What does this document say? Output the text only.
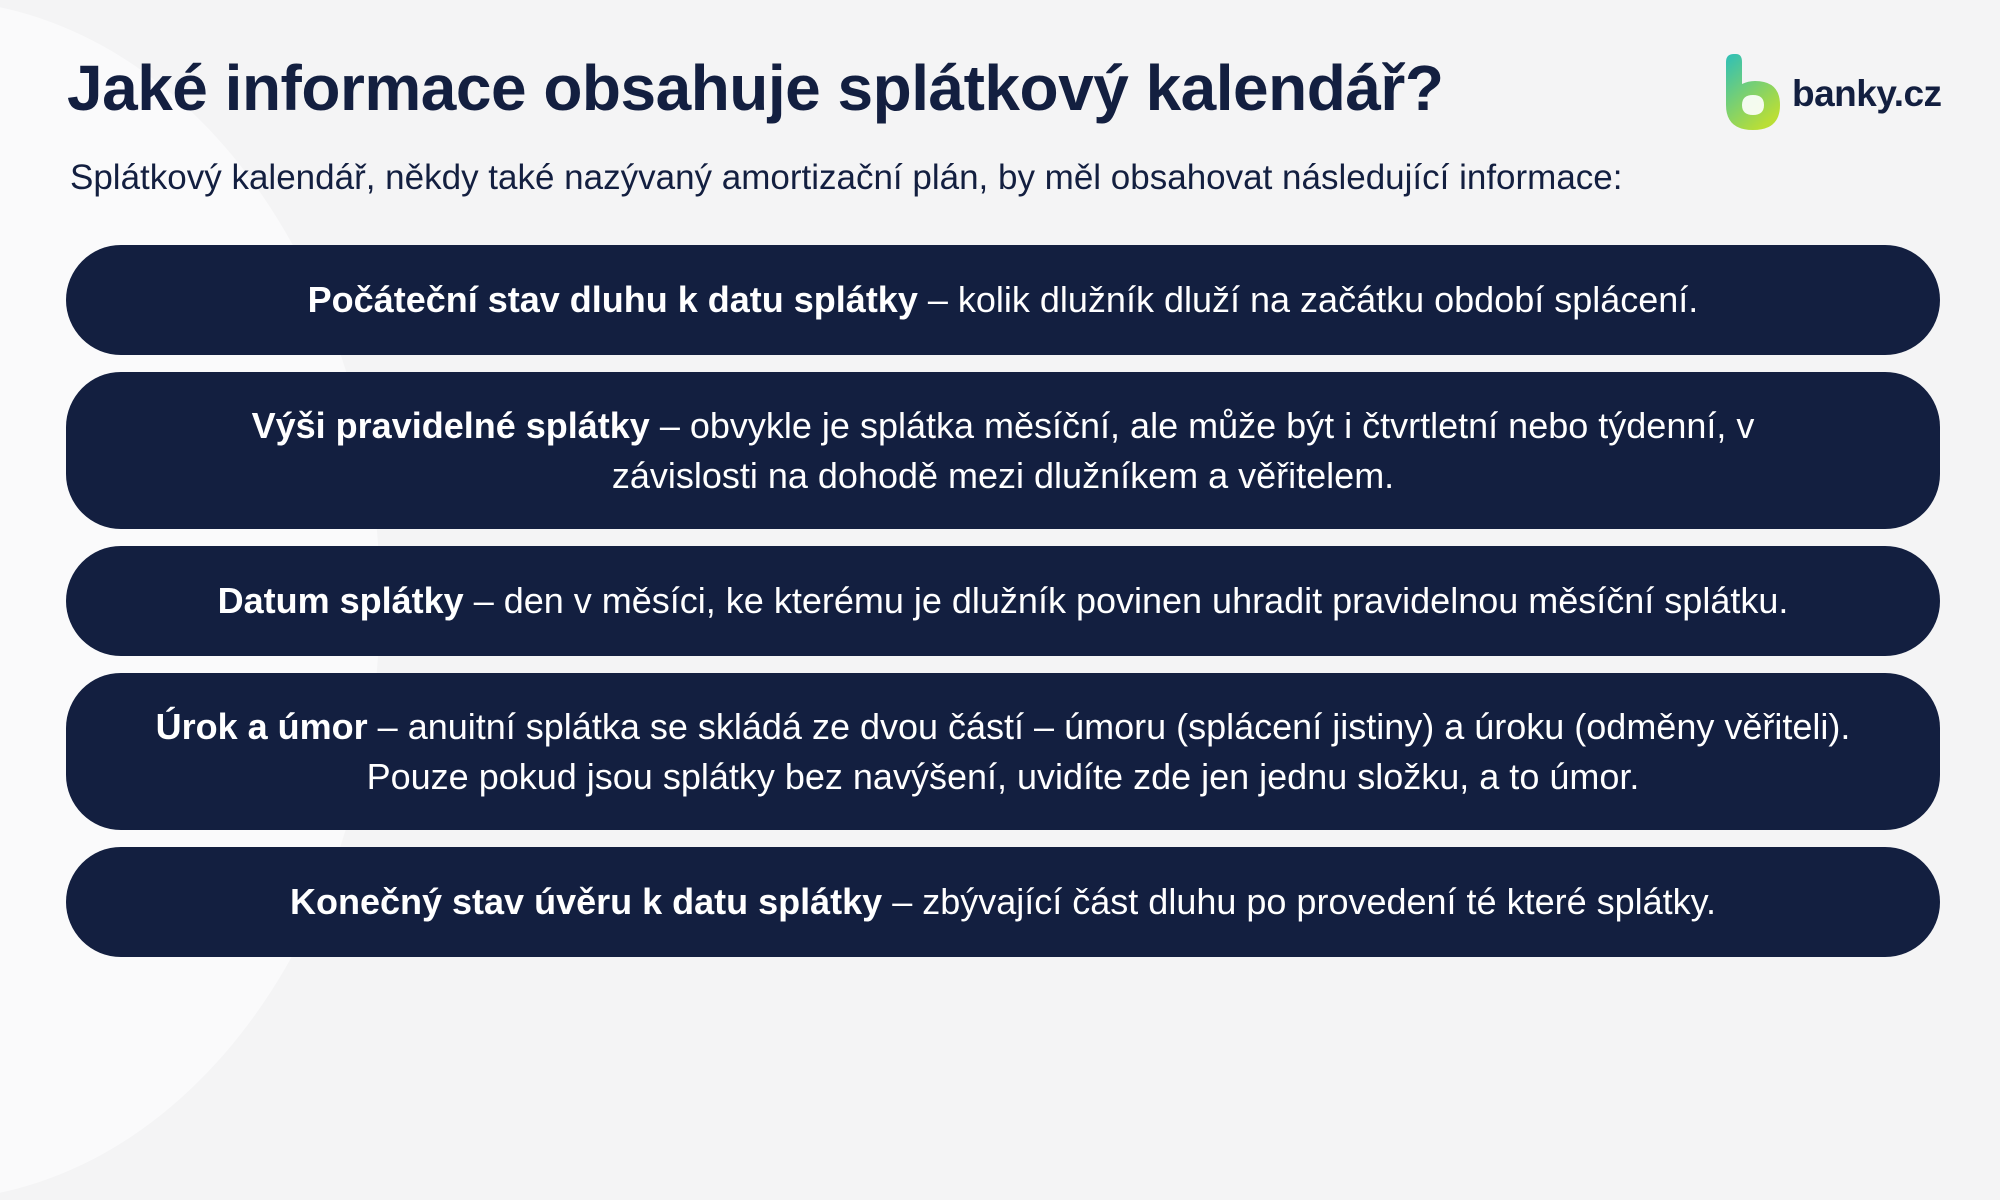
Jaké informace obsahuje splátkový kalendář?	banky.cz

Splátkový kalendář, někdy také nazývaný amortizační plán, by měl obsahovat následující informace:

Počáteční stav dluhu k datu splátky – kolik dlužník dluží na začátku období splácení.

Výši pravidelné splátky – obvykle je splátka měsíční, ale může být i čtvrtletní nebo týdenní, v závislosti na dohodě mezi dlužníkem a věřitelem.

Datum splátky – den v měsíci, ke kterému je dlužník povinen uhradit pravidelnou měsíční splátku.

Úrok a úmor – anuitní splátka se skládá ze dvou částí – úmoru (splácení jistiny) a úroku (odměny věřiteli). Pouze pokud jsou splátky bez navýšení, uvidíte zde jen jednu složku, a to úmor.

Konečný stav úvěru k datu splátky – zbývající část dluhu po provedení té které splátky.
